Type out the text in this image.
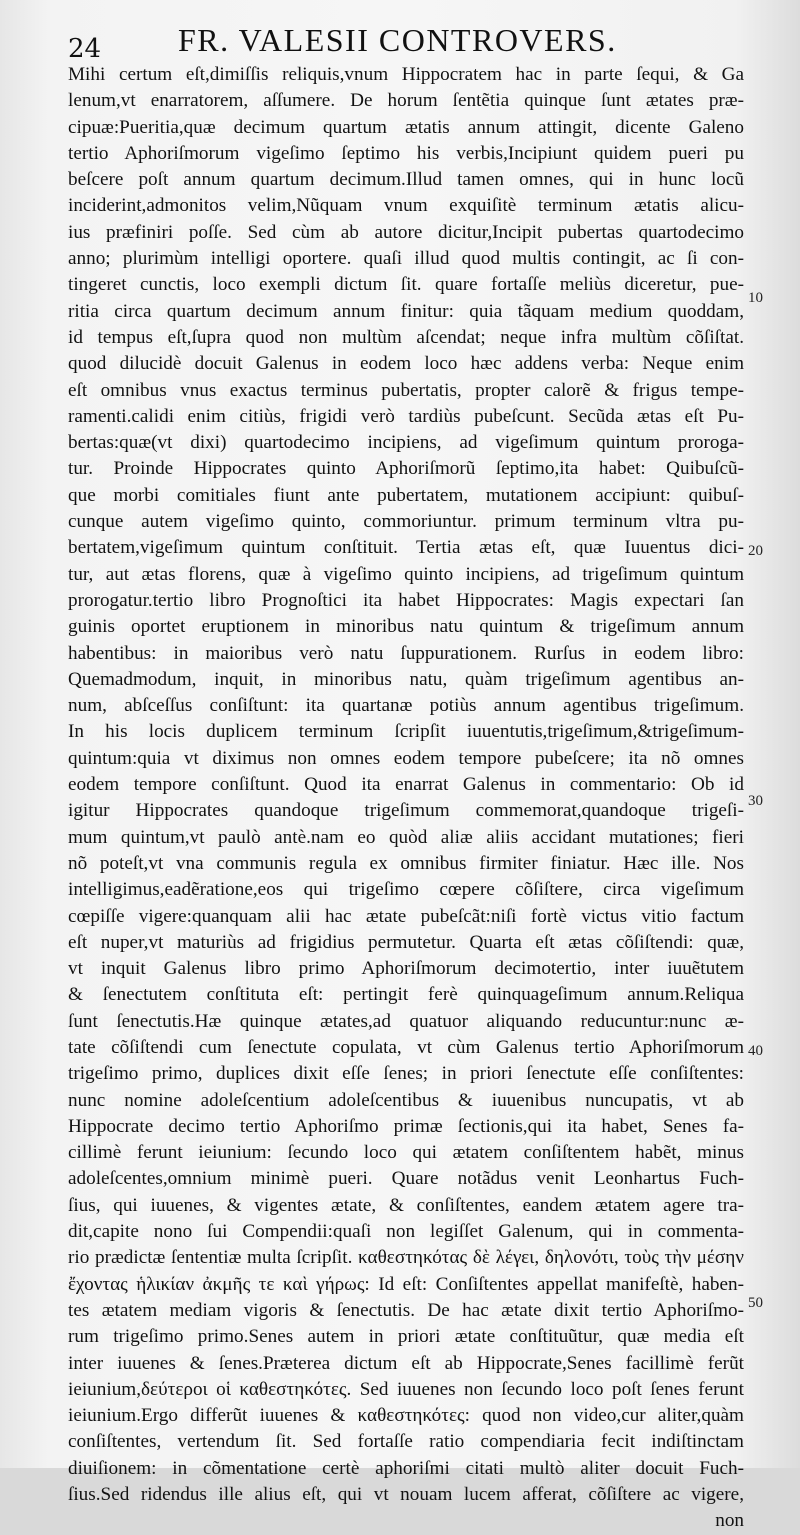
24 FR. VALESII CONTROVERS.
Mihi certum eſt,dimiſſis reliquis,vnum Hippocratem hac in parte ſequi, & Ga
lenum,vt enarratorem, aſſumere. De horum ſentẽtia quinque ſunt ætates præ-
cipuæ:Pueritia,quæ decimum quartum ætatis annum attingit, dicente Galeno
tertio Aphoriſmorum vigeſimo ſeptimo his verbis,Incipiunt quidem pueri pu
beſcere poſt annum quartum decimum.Illud tamen omnes, qui in hunc locũ
inciderint,admonitos velim,Nũquam vnum exquiſitè terminum ætatis alicu-
ius præfiniri poſſe. Sed cùm ab autore dicitur,Incipit pubertas quartodecimo
anno; plurimùm intelligi oportere. quaſi illud quod multis contingit, ac ſi con-
tingeret cunctis, loco exempli dictum ſit. quare fortaſſe meliùs diceretur, pue-
ritia circa quartum decimum annum finitur: quia tãquam medium quoddam,
id tempus eſt,ſupra quod non multùm aſcendat; neque infra multùm cõſiſtat.
quod dilucidè docuit Galenus in eodem loco hæc addens verba: Neque enim
eſt omnibus vnus exactus terminus pubertatis, propter calorẽ & frigus tempe-
ramenti.calidi enim citiùs, frigidi verò tardiùs pubeſcunt. Secũda ætas eſt Pu-
bertas:quæ(vt dixi) quartodecimo incipiens, ad vigeſimum quintum proroga-
tur. Proinde Hippocrates quinto Aphoriſmorũ ſeptimo,ita habet: Quibuſcũ-
que morbi comitiales fiunt ante pubertatem, mutationem accipiunt: quibuſ-
cunque autem vigeſimo quinto, commoriuntur. primum terminum vltra pu-
bertatem,vigeſimum quintum conſtituit. Tertia ætas eſt, quæ Iuuentus dici-
tur, aut ætas florens, quæ à vigeſimo quinto incipiens, ad trigeſimum quintum
prorogatur.tertio libro Prognoſtici ita habet Hippocrates: Magis expectari ſan
guinis oportet eruptionem in minoribus natu quintum & trigeſimum annum
habentibus: in maioribus verò natu ſuppurationem. Rurſus in eodem libro:
Quemadmodum, inquit, in minoribus natu, quàm trigeſimum agentibus an-
num, abſceſſus conſiſtunt: ita quartanæ potiùs annum agentibus trigeſimum.
In his locis duplicem terminum ſcripſit iuuentutis,trigeſimum,&trigeſimum-
quintum:quia vt diximus non omnes eodem tempore pubeſcere; ita nõ omnes
eodem tempore conſiſtunt. Quod ita enarrat Galenus in commentario: Ob id
igitur Hippocrates quandoque trigeſimum commemorat,quandoque trigeſi-
mum quintum,vt paulò antè.nam eo quòd aliæ aliis accidant mutationes; fieri
nõ poteſt,vt vna communis regula ex omnibus firmiter finiatur. Hæc ille. Nos
intelligimus,eadẽratione,eos qui trigeſimo cœpere cõſiſtere, circa vigeſimum
cœpiſſe vigere:quanquam alii hac ætate pubeſcãt:niſi fortè victus vitio factum
eſt nuper,vt maturiùs ad frigidius permutetur. Quarta eſt ætas cõſiſtendi: quæ,
vt inquit Galenus libro primo Aphoriſmorum decimotertio, inter iuuẽtutem
& ſenectutem conſtituta eſt: pertingit ferè quinquageſimum annum.Reliqua
ſunt ſenectutis.Hæ quinque ætates,ad quatuor aliquando reducuntur:nunc æ-
tate cõſiſtendi cum ſenectute copulata, vt cùm Galenus tertio Aphoriſmorum
trigeſimo primo, duplices dixit eſſe ſenes; in priori ſenectute eſſe conſiſtentes:
nunc nomine adoleſcentium adoleſcentibus & iuuenibus nuncupatis, vt ab
Hippocrate decimo tertio Aphoriſmo primæ ſectionis,qui ita habet, Senes fa-
cillimè ferunt ieiunium: ſecundo loco qui ætatem conſiſtentem habẽt, minus
adoleſcentes,omnium minimè pueri. Quare notãdus venit Leonhartus Fuch-
ſius, qui iuuenes, & vigentes ætate, & conſiſtentes, eandem ætatem agere tra-
dit,capite nono ſui Compendii:quaſi non legiſſet Galenum, qui in commenta-
rio prædictæ ſententiæ multa ſcripſit. καθεστηκότας δὲ λέγει, δηλονότι, τοὺς τὴν μέσην
ἔχοντας ἡλικίαν ἀκμῆς τε καὶ γήρως: Id eſt: Conſiſtentes appellat manifeſtè, haben-
tes ætatem mediam vigoris & ſenectutis. De hac ætate dixit tertio Aphoriſmo-
rum trigeſimo primo.Senes autem in priori ætate conſtituũtur, quæ media eſt
inter iuuenes & ſenes.Præterea dictum eſt ab Hippocrate,Senes facillimè ferũt
ieiunium,δεύτεροι οἱ καθεστηκότες. Sed iuuenes non ſecundo loco poſt ſenes ferunt
ieiunium.Ergo differũt iuuenes & καθεστηκότες: quod non video,cur aliter,quàm
conſiſtentes, vertendum ſit. Sed fortaſſe ratio compendiaria fecit indiſtinctam
diuiſionem: in cõmentatione certè aphoriſmi citati multò aliter docuit Fuch-
ſius.Sed ridendus ille alius eſt, qui vt nouam lucem afferat, cõſiſtere ac vigere,
non
10
20
30
40
50
